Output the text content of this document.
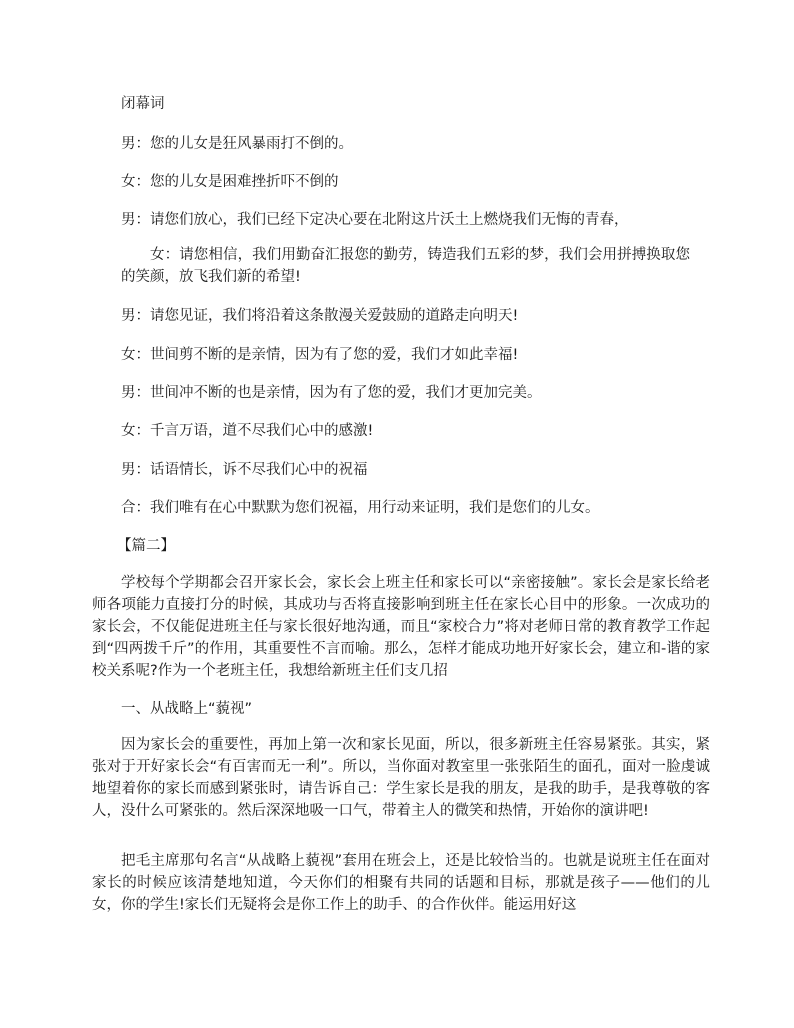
闭幕词
男：您的儿女是狂风暴雨打不倒的。
女：您的儿女是困难挫折吓不倒的
男：请您们放心，我们已经下定决心要在北附这片沃土上燃烧我们无悔的青春，
女：请您相信，我们用勤奋汇报您的勤劳，铸造我们五彩的梦，我们会用拼搏换取您的笑颜，放飞我们新的希望!
男：请您见证，我们将沿着这条散漫关爱鼓励的道路走向明天!
女：世间剪不断的是亲情，因为有了您的爱，我们才如此幸福!
男：世间冲不断的也是亲情，因为有了您的爱，我们才更加完美。
女：千言万语，道不尽我们心中的感激!
男：话语情长，诉不尽我们心中的祝福
合：我们唯有在心中默默为您们祝福，用行动来证明，我们是您们的儿女。
【篇二】
学校每个学期都会召开家长会，家长会上班主任和家长可以“亲密接触”。家长会是家长给老师各项能力直接打分的时候，其成功与否将直接影响到班主任在家长心目中的形象。一次成功的家长会，不仅能促进班主任与家长很好地沟通，而且“家校合力”将对老师日常的教育教学工作起到“四两拨千斤”的作用，其重要性不言而喻。那么，怎样才能成功地开好家长会，建立和-谐的家校关系呢?作为一个老班主任，我想给新班主任们支几招
一、从战略上“藐视”
因为家长会的重要性，再加上第一次和家长见面，所以，很多新班主任容易紧张。其实，紧张对于开好家长会“有百害而无一利”。所以，当你面对教室里一张张陌生的面孔，面对一脸虔诚地望着你的家长而感到紧张时，请告诉自己：学生家长是我的朋友，是我的助手，是我尊敬的客人，没什么可紧张的。然后深深地吸一口气，带着主人的微笑和热情，开始你的演讲吧!
把毛主席那句名言“从战略上藐视”套用在班会上，还是比较恰当的。也就是说班主任在面对家长的时候应该清楚地知道，今天你们的相聚有共同的话题和目标，那就是孩子——他们的儿女，你的学生!家长们无疑将会是你工作上的助手、的合作伙伴。能运用好这
